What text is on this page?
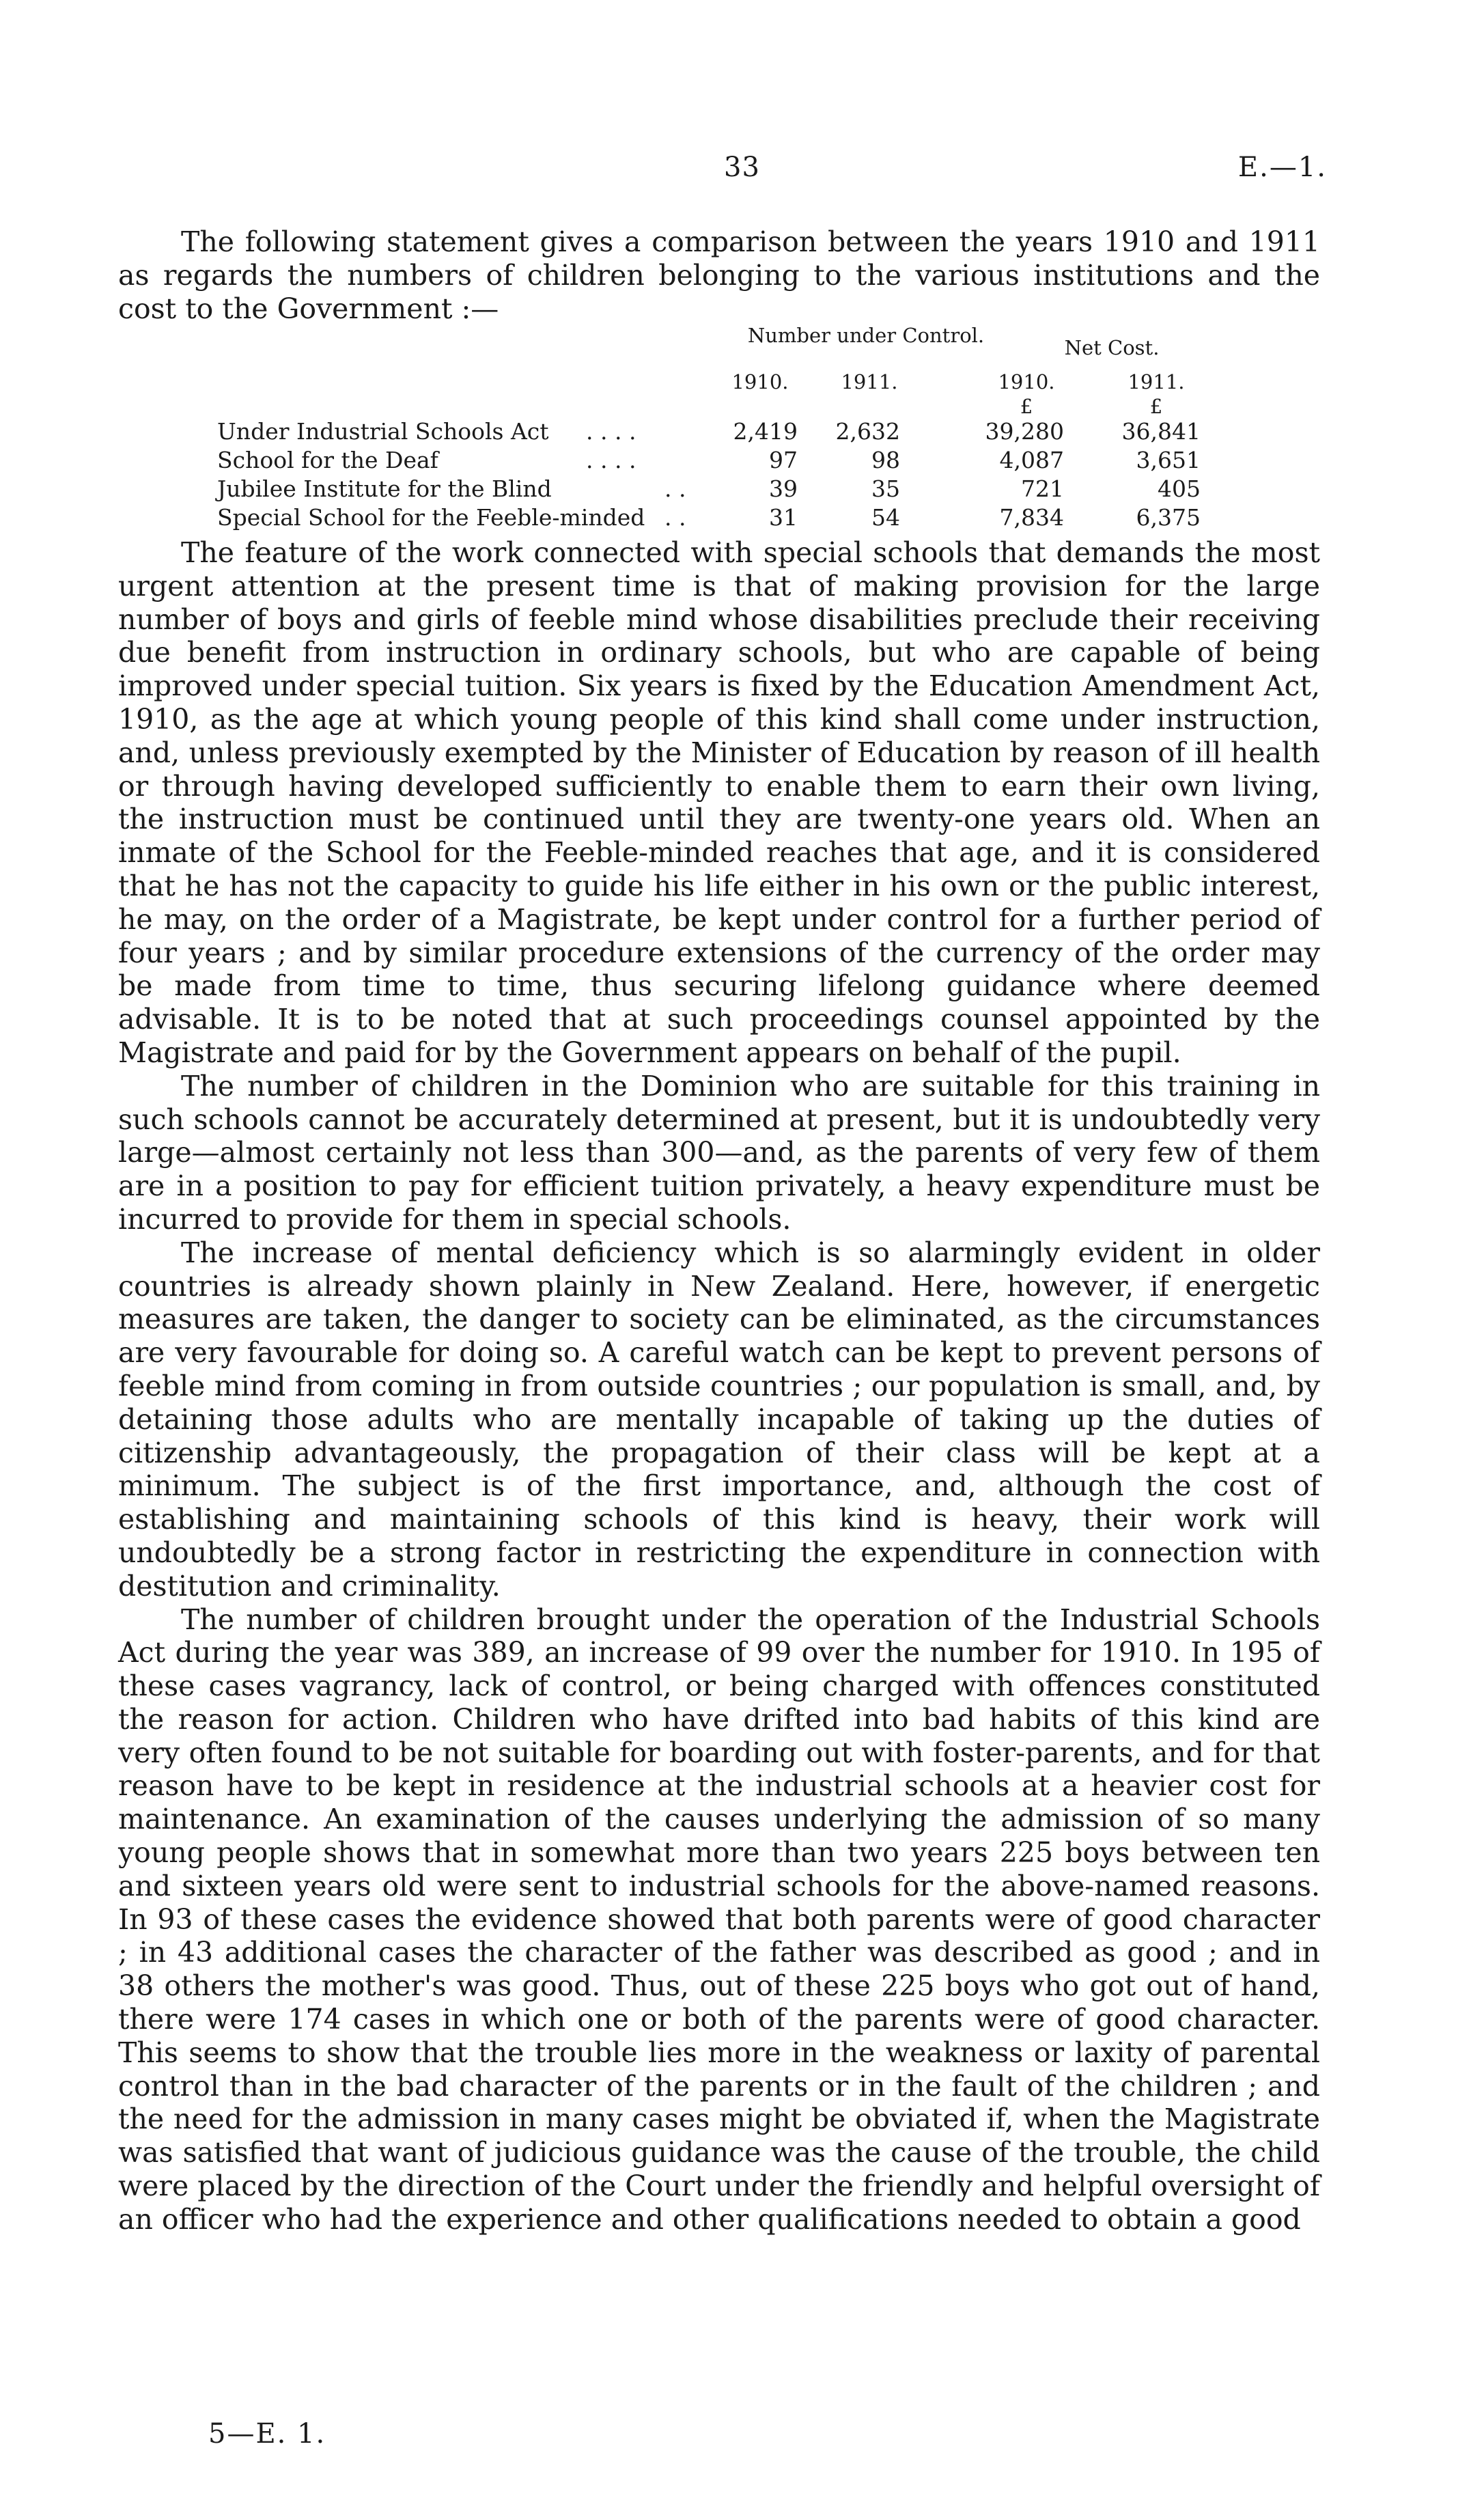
33	E.—1.

The following statement gives a comparison between the years 1910 and 1911 as regards the numbers of children belonging to the various institutions and the cost to the Government :—

Number under Control.
Net Cost.
1910.	1911.	1910.	1911.
£	£
Under Industrial Schools Act . . . .	2,419	2,632	39,280	36,841
School for the Deaf	. . . .	97	98	4,087	3,651
Jubilee Institute for the Blind	. .	39	35	721	405
Special School for the Feeble-minded . .	31	54	7,834	6,375

The feature of the work connected with special schools that demands the most urgent attention at the present time is that of making provision for the large number of boys and girls of feeble mind whose disabilities preclude their receiving due benefit from instruction in ordinary schools, but who are capable of being improved under special tuition. Six years is fixed by the Education Amendment Act, 1910, as the age at which young people of this kind shall come under instruction, and, unless previously exempted by the Minister of Education by reason of ill health or through having developed sufficiently to enable them to earn their own living, the instruction must be continued until they are twenty-one years old. When an inmate of the School for the Feeble-minded reaches that age, and it is considered that he has not the capacity to guide his life either in his own or the public interest, he may, on the order of a Magistrate, be kept under control for a further period of four years ; and by similar procedure extensions of the currency of the order may be made from time to time, thus securing lifelong guidance where deemed advisable. It is to be noted that at such proceedings counsel appointed by the Magistrate and paid for by the Government appears on behalf of the pupil.

The number of children in the Dominion who are suitable for this training in such schools cannot be accurately determined at present, but it is undoubtedly very large—almost certainly not less than 300—and, as the parents of very few of them are in a position to pay for efficient tuition privately, a heavy expenditure must be incurred to provide for them in special schools.

The increase of mental deficiency which is so alarmingly evident in older countries is already shown plainly in New Zealand. Here, however, if energetic measures are taken, the danger to society can be eliminated, as the circumstances are very favourable for doing so. A careful watch can be kept to prevent persons of feeble mind from coming in from outside countries ; our population is small, and, by detaining those adults who are mentally incapable of taking up the duties of citizenship advantageously, the propagation of their class will be kept at a minimum. The subject is of the first importance, and, although the cost of establishing and maintaining schools of this kind is heavy, their work will undoubtedly be a strong factor in restricting the expenditure in connection with destitution and criminality.

The number of children brought under the operation of the Industrial Schools Act during the year was 389, an increase of 99 over the number for 1910. In 195 of these cases vagrancy, lack of control, or being charged with offences constituted the reason for action. Children who have drifted into bad habits of this kind are very often found to be not suitable for boarding out with foster-parents, and for that reason have to be kept in residence at the industrial schools at a heavier cost for maintenance. An examination of the causes underlying the admission of so many young people shows that in somewhat more than two years 225 boys between ten and sixteen years old were sent to industrial schools for the above-named reasons. In 93 of these cases the evidence showed that both parents were of good character ; in 43 additional cases the character of the father was described as good ; and in 38 others the mother's was good. Thus, out of these 225 boys who got out of hand, there were 174 cases in which one or both of the parents were of good character. This seems to show that the trouble lies more in the weakness or laxity of parental control than in the bad character of the parents or in the fault of the children ; and the need for the admission in many cases might be obviated if, when the Magistrate was satisfied that want of judicious guidance was the cause of the trouble, the child were placed by the direction of the Court under the friendly and helpful oversight of an officer who had the experience and other qualifications needed to obtain a good

5—E. 1.
